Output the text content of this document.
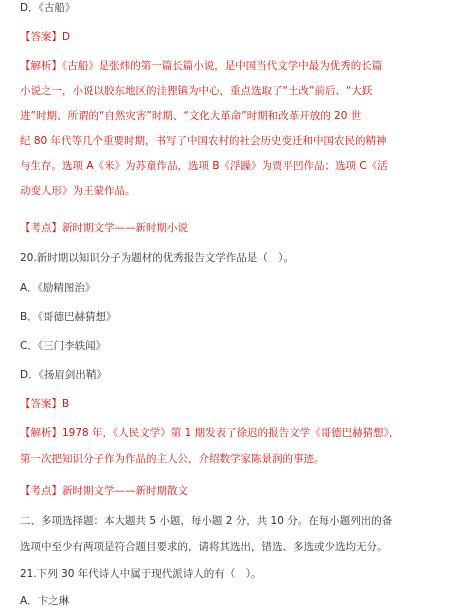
D．《古船》
【答案】D
【解析】《古船》是张炜的第一篇长篇小说，是中国当代文学中最为优秀的长篇
小说之一，小说以胶东地区的洼狸镇为中心，重点选取了“土改”前后、“大跃
进”时期、所谓的“自然灾害”时期、“文化大革命”时期和改革开放的 20 世
纪 80 年代等几个重要时期，书写了中国农村的社会历史变迁和中国农民的精神
与生存。选项 A《米》为苏童作品，选项 B《浮躁》为贾平凹作品；选项 C《活
动变人形》为王蒙作品。
【考点】新时期文学——新时期小说
20.新时期以知识分子为题材的优秀报告文学作品是（　）。
A．《励精图治》
B．《哥德巴赫猜想》
C．《三门李轶闻》
D．《扬眉剑出鞘》
【答案】B
【解析】1978 年，《人民文学》第 1 期发表了徐迟的报告文学《哥德巴赫猜想》，
第一次把知识分子作为作品的主人公，介绍数学家陈景润的事迹。
【考点】新时期文学——新时期散文
二、多项选择题：本大题共 5 小题，每小题 2 分，共 10 分。在每小题列出的备
选项中至少有两项是符合题目要求的，请将其选出，错选、多选或少选均无分。
21.下列 30 年代诗人中属于现代派诗人的有（　）。
A．卞之琳
